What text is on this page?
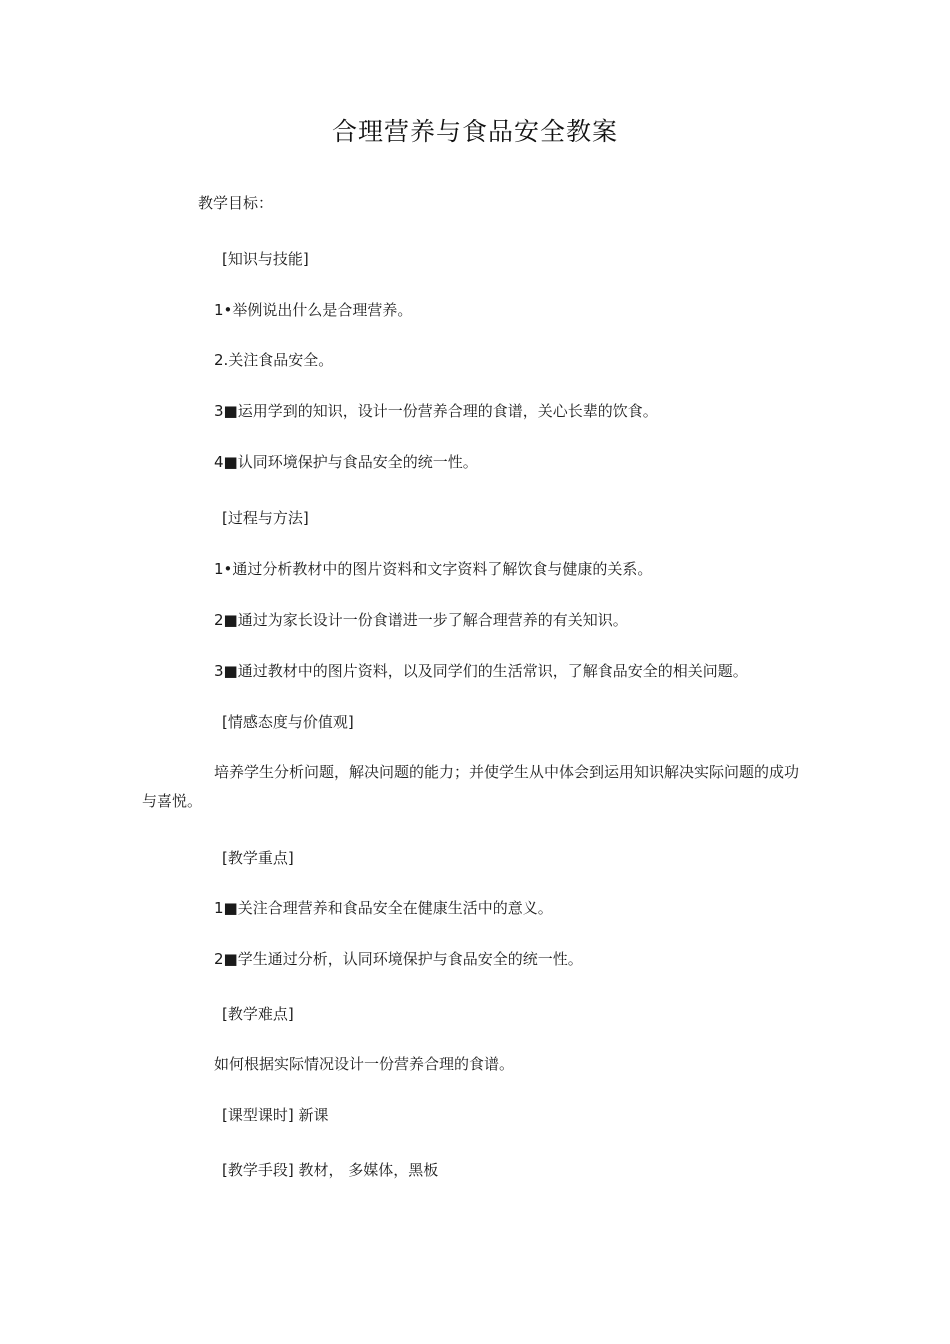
合理营养与食品安全教案
教学目标：
[知识与技能]
1•举例说出什么是合理营养。
2.关注食品安全。
3■运用学到的知识，设计一份营养合理的食谱，关心长辈的饮食。
4■认同环境保护与食品安全的统一性。
[过程与方法]
1•通过分析教材中的图片资料和文字资料了解饮食与健康的关系。
2■通过为家长设计一份食谱进一步了解合理营养的有关知识。
3■通过教材中的图片资料，以及同学们的生活常识，了解食品安全的相关问题。
[情感态度与价值观]
培养学生分析问题，解决问题的能力；并使学生从中体会到运用知识解决实际问题的成功与喜悦。
[教学重点]
1■关注合理营养和食品安全在健康生活中的意义。
2■学生通过分析，认同环境保护与食品安全的统一性。
[教学难点]
如何根据实际情况设计一份营养合理的食谱。
[课型课时] 新课
[教学手段] 教材， 多媒体，黑板
